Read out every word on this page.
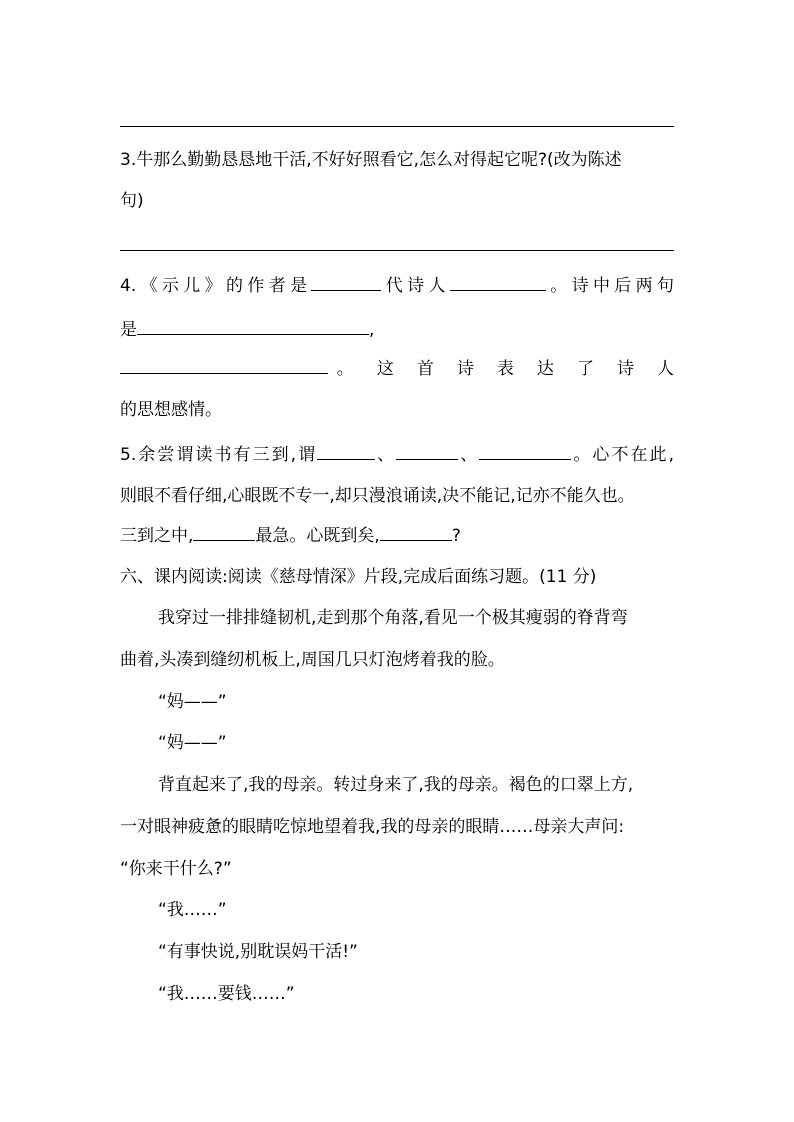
3.牛那么勤勤恳恳地干活,不好好照看它,怎么对得起它呢?(改为陈述
句)
4.《示儿》的作者是	代诗人	。诗中后两句
是	,
。 这 首 诗 表 达 了 诗 人
的思想感情。
5.余尝谓读书有三到,谓	、	、	。心不在此,
则眼不看仔细,心眼既不专一,却只漫浪诵读,决不能记,记亦不能久也。
三到之中,	最急。心既到矣,	?
六、课内阅读:阅读《慈母情深》片段,完成后面练习题。(11 分)
我穿过一排排缝韧机,走到那个角落,看见一个极其瘦弱的脊背弯
曲着,头凑到缝纫机板上,周国几只灯泡烤着我的脸。
“妈——”
“妈——”
背直起来了,我的母亲。转过身来了,我的母亲。褐色的口翠上方,
一对眼神疲惫的眼睛吃惊地望着我,我的母亲的眼睛……母亲大声问:
“你来干什么?”
“我……”
“有事快说,别耽误妈干活!”
“我……要钱……”
